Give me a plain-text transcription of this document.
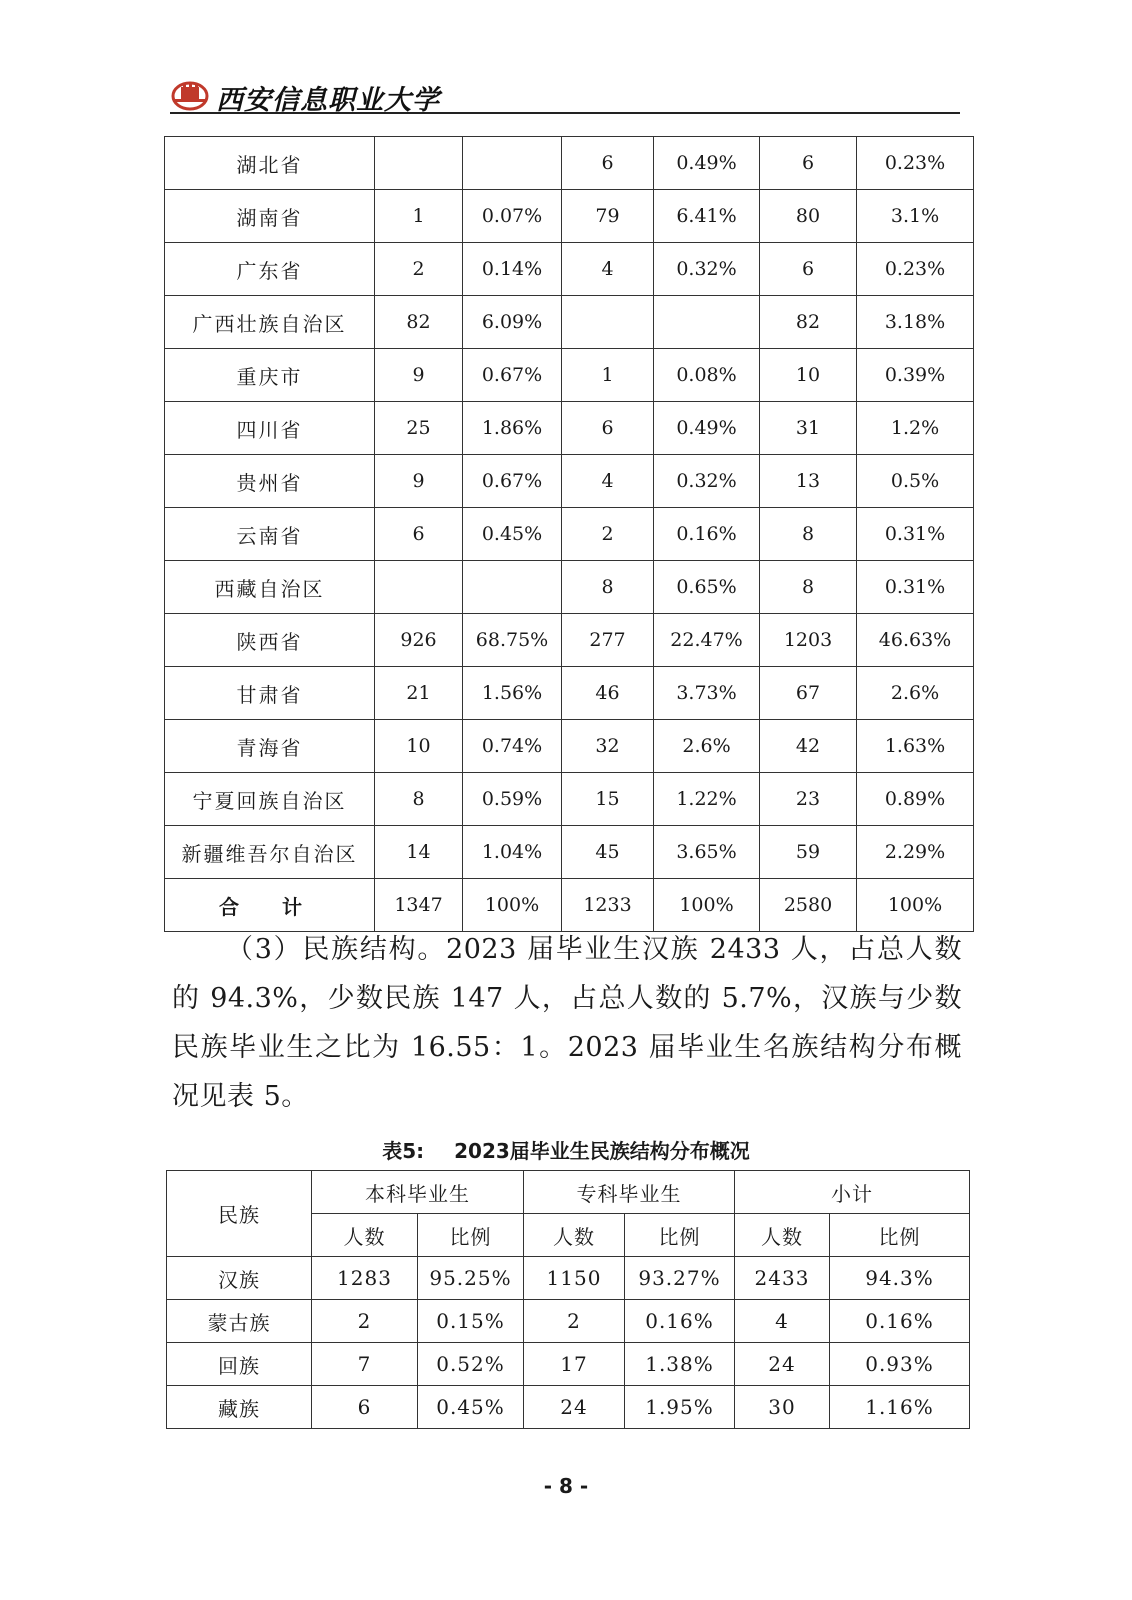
西安信息职业大学
湖北省			6	0.49%	6	0.23%
湖南省	1	0.07%	79	6.41%	80	3.1%
广东省	2	0.14%	4	0.32%	6	0.23%
广西壮族自治区	82	6.09%			82	3.18%
重庆市	9	0.67%	1	0.08%	10	0.39%
四川省	25	1.86%	6	0.49%	31	1.2%
贵州省	9	0.67%	4	0.32%	13	0.5%
云南省	6	0.45%	2	0.16%	8	0.31%
西藏自治区			8	0.65%	8	0.31%
陕西省	926	68.75%	277	22.47%	1203	46.63%
甘肃省	21	1.56%	46	3.73%	67	2.6%
青海省	10	0.74%	32	2.6%	42	1.63%
宁夏回族自治区	8	0.59%	15	1.22%	23	0.89%
新疆维吾尔自治区	14	1.04%	45	3.65%	59	2.29%
合 计	1347	100%	1233	100%	2580	100%
（3）民族结构。2023 届毕业生汉族 2433 人，占总人数的 94.3%，少数民族 147 人，占总人数的 5.7%，汉族与少数民族毕业生之比为 16.55：1。2023 届毕业生名族结构分布概况见表 5。
表5: 2023届毕业生民族结构分布概况
民族	本科毕业生		专科毕业生		小计	
	人数	比例	人数	比例	人数	比例
汉族	1283	95.25%	1150	93.27%	2433	94.3%
蒙古族	2	0.15%	2	0.16%	4	0.16%
回族	7	0.52%	17	1.38%	24	0.93%
藏族	6	0.45%	24	1.95%	30	1.16%
- 8 -
